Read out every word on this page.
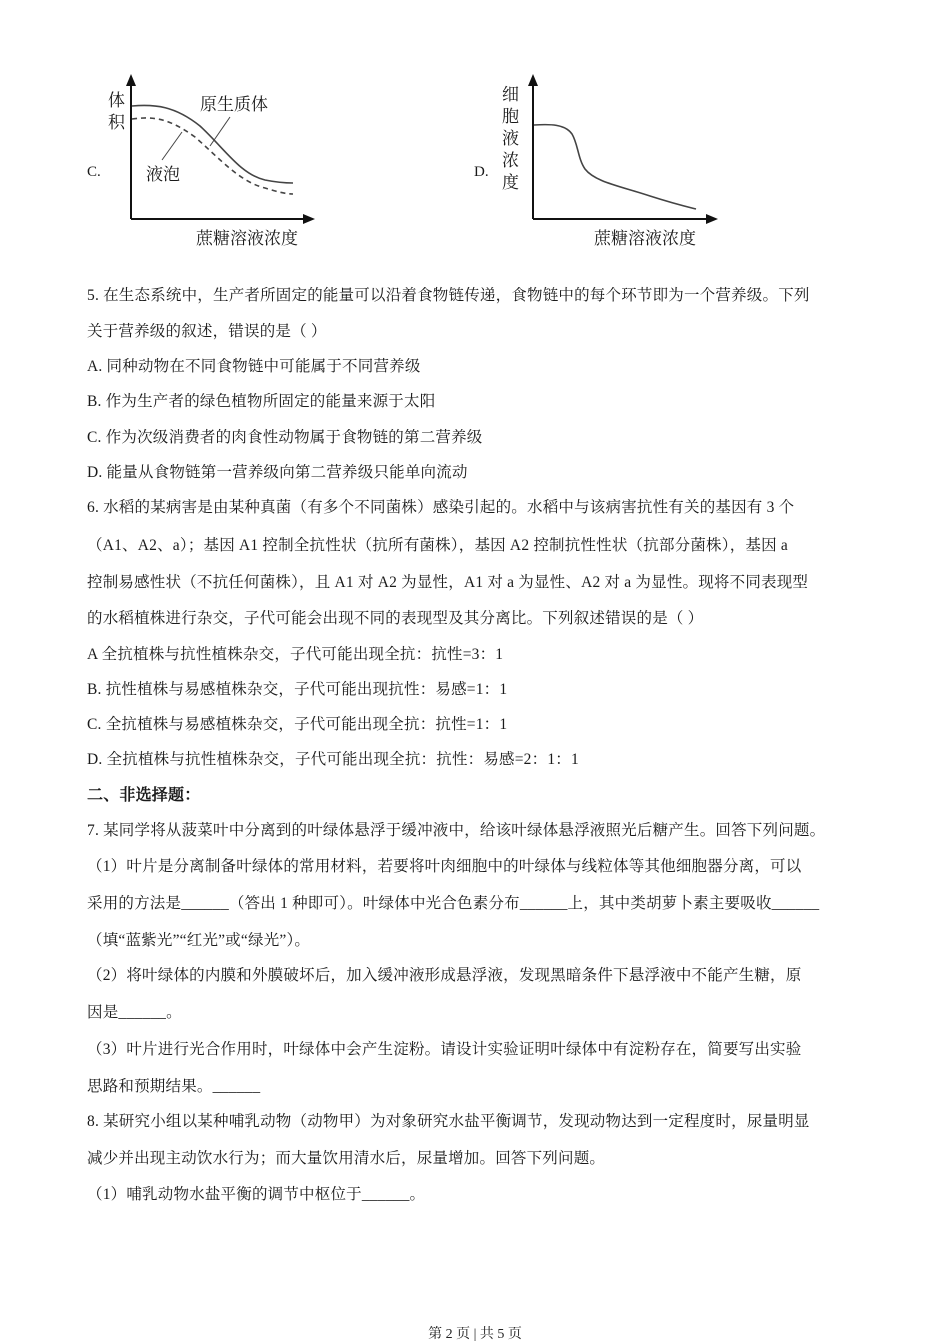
C.
体
积
原生质体
液泡
蔗糖溶液浓度
D.
细
胞
液
浓
度
蔗糖溶液浓度
5. 在生态系统中，生产者所固定的能量可以沿着食物链传递，食物链中的每个环节即为一个营养级。下列
关于营养级的叙述，错误的是（ ）
A. 同种动物在不同食物链中可能属于不同营养级
B. 作为生产者的绿色植物所固定的能量来源于太阳
C. 作为次级消费者的肉食性动物属于食物链的第二营养级
D. 能量从食物链第一营养级向第二营养级只能单向流动
6. 水稻的某病害是由某种真菌（有多个不同菌株）感染引起的。水稻中与该病害抗性有关的基因有 3 个
（A1、A2、a）；基因 A1 控制全抗性状（抗所有菌株），基因 A2 控制抗性性状（抗部分菌株），基因 a
控制易感性状（不抗任何菌株），且 A1 对 A2 为显性，A1 对 a 为显性、A2 对 a 为显性。现将不同表现型
的水稻植株进行杂交，子代可能会出现不同的表现型及其分离比。下列叙述错误的是（ ）
A 全抗植株与抗性植株杂交，子代可能出现全抗：抗性=3：1
B. 抗性植株与易感植株杂交，子代可能出现抗性：易感=1：1
C. 全抗植株与易感植株杂交，子代可能出现全抗：抗性=1：1
D. 全抗植株与抗性植株杂交，子代可能出现全抗：抗性：易感=2：1：1
二、非选择题：
7. 某同学将从菠菜叶中分离到的叶绿体悬浮于缓冲液中，给该叶绿体悬浮液照光后糖产生。回答下列问题。
（1）叶片是分离制备叶绿体的常用材料，若要将叶肉细胞中的叶绿体与线粒体等其他细胞器分离，可以
采用的方法是______（答出 1 种即可）。叶绿体中光合色素分布______上，其中类胡萝卜素主要吸收______
（填“蓝紫光”“红光”或“绿光”）。
（2）将叶绿体的内膜和外膜破坏后，加入缓冲液形成悬浮液，发现黑暗条件下悬浮液中不能产生糖，原
因是______。
（3）叶片进行光合作用时，叶绿体中会产生淀粉。请设计实验证明叶绿体中有淀粉存在，简要写出实验
思路和预期结果。______
8. 某研究小组以某种哺乳动物（动物甲）为对象研究水盐平衡调节，发现动物达到一定程度时，尿量明显
减少并出现主动饮水行为；而大量饮用清水后，尿量增加。回答下列问题。
（1）哺乳动物水盐平衡的调节中枢位于______。
第 2 页 | 共 5 页
